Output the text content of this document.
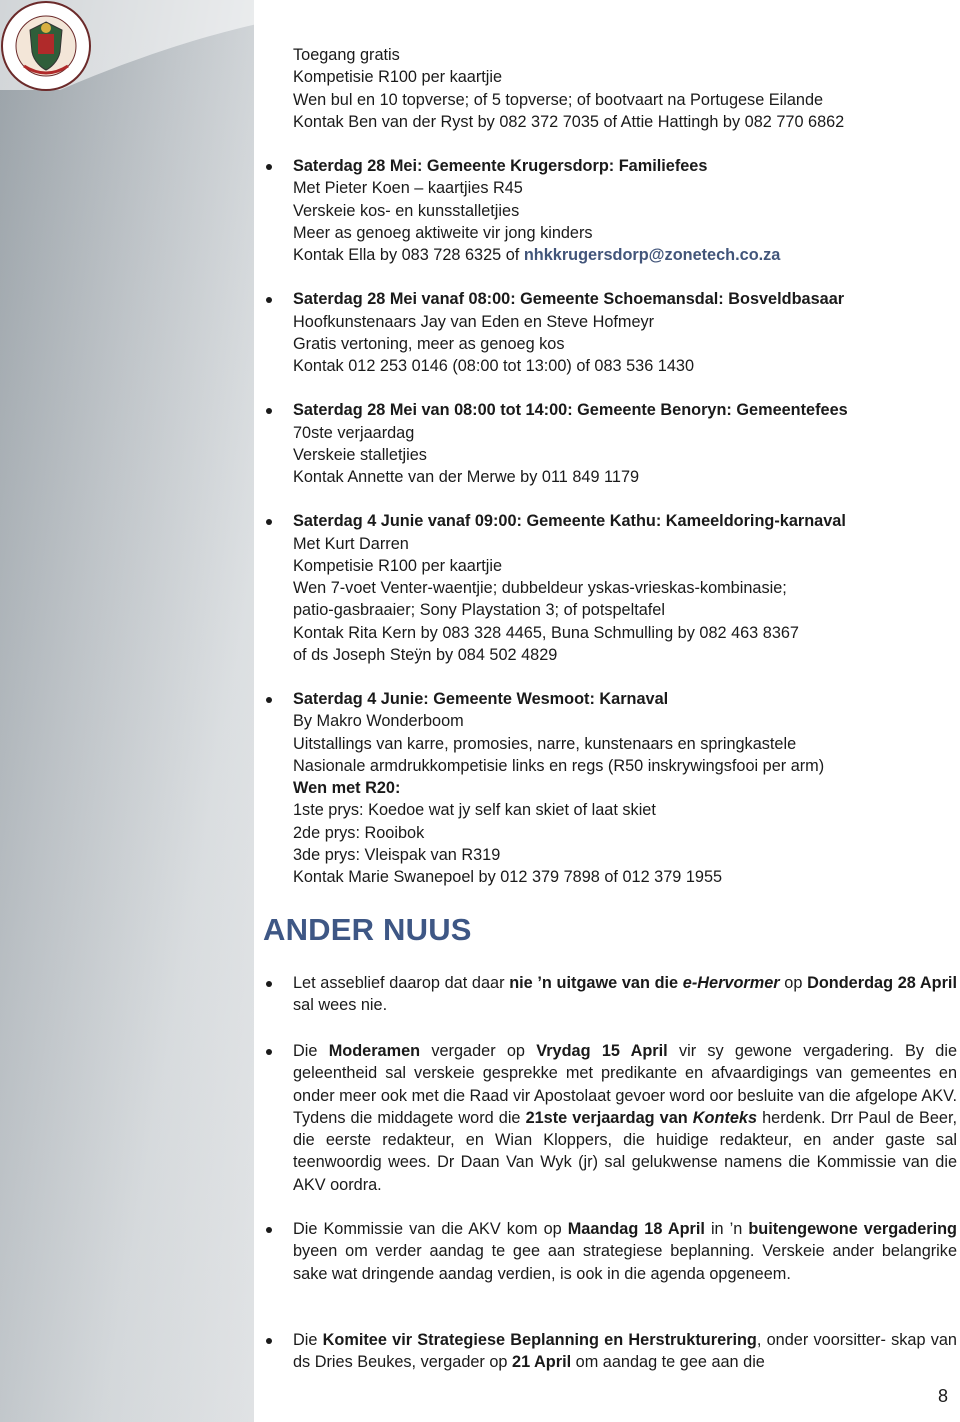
Toegang gratis
Kompetisie R100 per kaartjie
Wen bul en 10 topverse; of 5 topverse; of bootvaart na Portugese Eilande
Kontak Ben van der Ryst by 082 372 7035 of Attie Hattingh by 082 770 6862
Saterdag 28 Mei: Gemeente Krugersdorp: Familiefees
Met Pieter Koen – kaartjies R45
Verskeie kos- en kunsstalletjies
Meer as genoeg aktiweite vir jong kinders
Kontak Ella by 083 728 6325 of nhkkrugersdorp@zonetech.co.za
Saterdag 28 Mei vanaf 08:00: Gemeente Schoemansdal: Bosveldbasaar
Hoofkunstenaars Jay van Eden en Steve Hofmeyr
Gratis vertoning, meer as genoeg kos
Kontak 012 253 0146 (08:00 tot 13:00) of 083 536 1430
Saterdag 28 Mei van 08:00 tot 14:00: Gemeente Benoryn: Gemeentefees
70ste verjaardag
Verskeie stalletjies
Kontak Annette van der Merwe by 011 849 1179
Saterdag 4 Junie vanaf 09:00: Gemeente Kathu: Kameeldoring-karnaval
Met Kurt Darren
Kompetisie R100 per kaartjie
Wen 7-voet Venter-waentjie; dubbeldeur yskas-vrieskas-kombinasie;
patio-gasbraaier; Sony Playstation 3; of potspeltafel
Kontak Rita Kern by 083 328 4465, Buna Schmulling by 082 463 8367
of ds Joseph Steÿn by 084 502 4829
Saterdag 4 Junie: Gemeente Wesmoot: Karnaval
By Makro Wonderboom
Uitstallings van karre, promosies, narre, kunstenaars en springkastele
Nasionale armdrukkompetisie links en regs (R50 inskrywingsfooi per arm)
Wen met R20:
1ste prys: Koedoe wat jy self kan skiet of laat skiet
2de prys: Rooibok
3de prys: Vleispak van R319
Kontak Marie Swanepoel by 012 379 7898 of 012 379 1955
ANDER NUUS
Let asseblief daarop dat daar nie ’n uitgawe van die e-Hervormer op Donderdag 28 April sal wees nie.
Die Moderamen vergader op Vrydag 15 April vir sy gewone vergadering. By die geleentheid sal verskeie gesprekke met predikante en afvaardigings van gemeentes en onder meer ook met die Raad vir Apostolaat gevoer word oor besluite van die afgelope AKV. Tydens die middagete word die 21ste verjaardag van Konteks herdenk. Drr Paul de Beer, die eerste redakteur, en Wian Kloppers, die huidige redakteur, en ander gaste sal teenwoordig wees. Dr Daan Van Wyk (jr) sal gelukwense namens die Kommissie van die AKV oordra.
Die Kommissie van die AKV kom op Maandag 18 April in ’n buitengewone vergadering byeen om verder aandag te gee aan strategiese beplanning. Verskeie ander belangrike sake wat dringende aandag verdien, is ook in die agenda opgeneem.
Die Komitee vir Strategiese Beplanning en Herstrukturering, onder voorsitter- skap van ds Dries Beukes, vergader op 21 April om aandag te gee aan die
8
